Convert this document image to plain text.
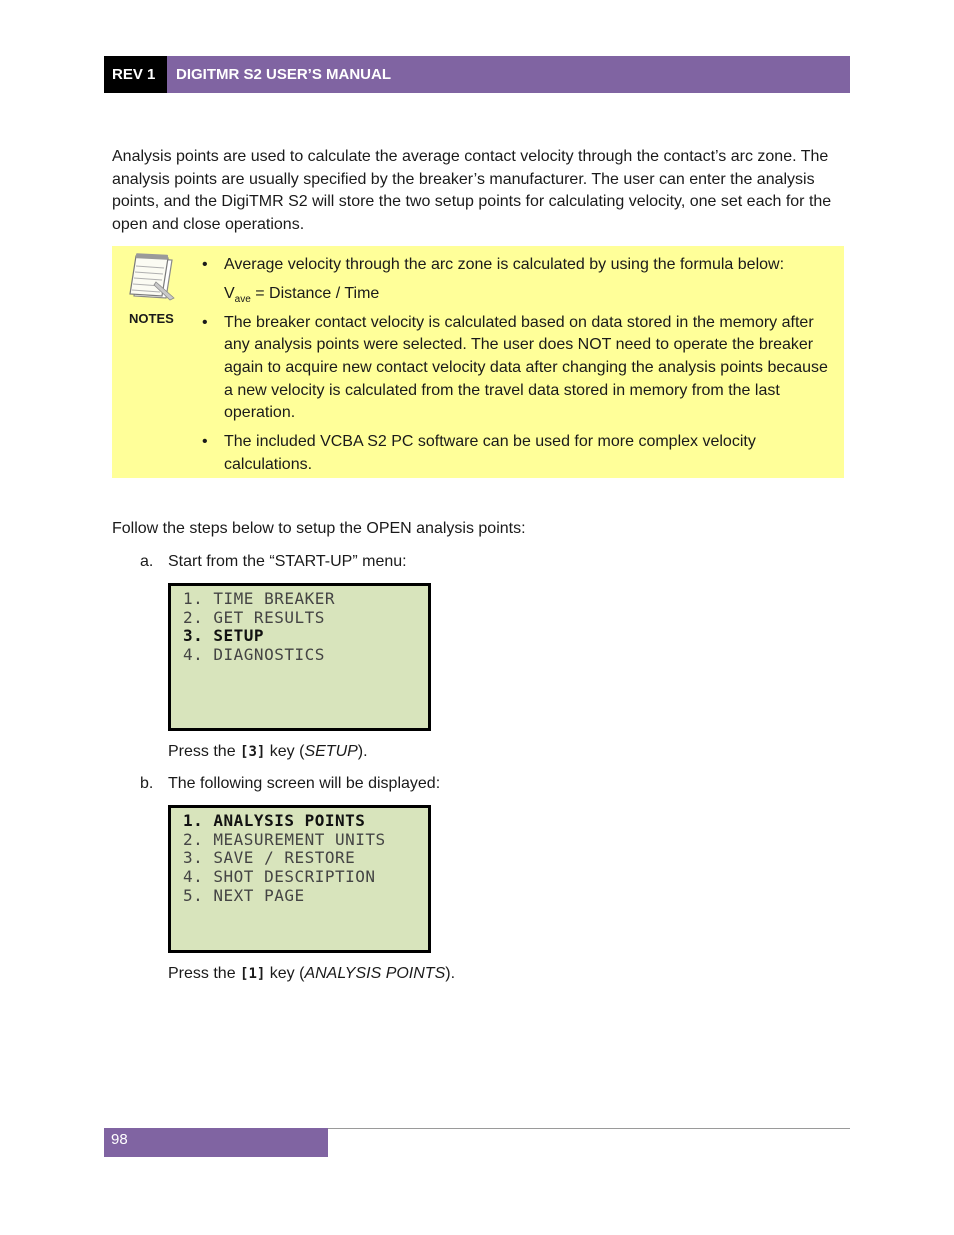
REV 1	DIGITMR S2 USER’S MANUAL

Analysis points are used to calculate the average contact velocity through the contact’s arc zone. The analysis points are usually specified by the breaker’s manufacturer. The user can enter the analysis points, and the DigiTMR S2 will store the two setup points for calculating velocity, one set each for the open and close operations.

NOTES
• Average velocity through the arc zone is calculated by using the formula below:
$V_{ave}$ = Distance / Time
• The breaker contact velocity is calculated based on data stored in the memory after any analysis points were selected. The user does NOT need to operate the breaker again to acquire new contact velocity data after changing the analysis points because a new velocity is calculated from the travel data stored in memory from the last operation.
• The included VCBA S2 PC software can be used for more complex velocity calculations.

Follow the steps below to setup the OPEN analysis points:

a. Start from the “START-UP” menu:
1. TIME BREAKER
2. GET RESULTS
3. SETUP
4. DIAGNOSTICS

Press the [3] key (SETUP).

b. The following screen will be displayed:
1. ANALYSIS POINTS
2. MEASUREMENT UNITS
3. SAVE / RESTORE
4. SHOT DESCRIPTION
5. NEXT PAGE

Press the [1] key (ANALYSIS POINTS).

98
